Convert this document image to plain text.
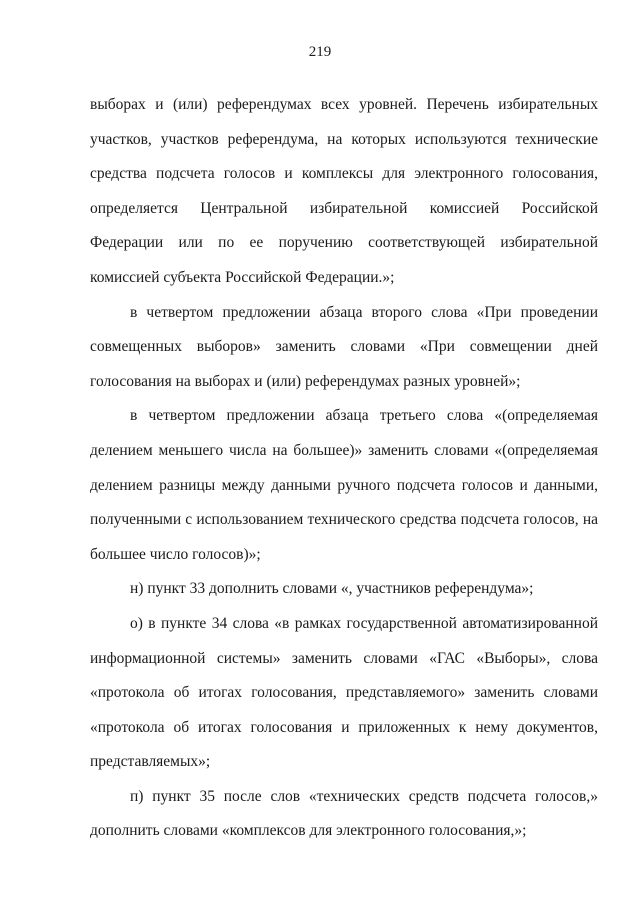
219

выборах и (или) референдумах всех уровней. Перечень избирательных участков, участков референдума, на которых используются технические средства подсчета голосов и комплексы для электронного голосования, определяется Центральной избирательной комиссией Российской Федерации или по ее поручению соответствующей избирательной комиссией субъекта Российской Федерации.»;

в четвертом предложении абзаца второго слова «При проведении совмещенных выборов» заменить словами «При совмещении дней голосования на выборах и (или) референдумах разных уровней»;

в четвертом предложении абзаца третьего слова «(определяемая делением меньшего числа на большее)» заменить словами «(определяемая делением разницы между данными ручного подсчета голосов и данными, полученными с использованием технического средства подсчета голосов, на большее число голосов)»;

н) пункт 33 дополнить словами «, участников референдума»;

о) в пункте 34 слова «в рамках государственной автоматизированной информационной системы» заменить словами «ГАС «Выборы», слова «протокола об итогах голосования, представляемого» заменить словами «протокола об итогах голосования и приложенных к нему документов, представляемых»;

п) пункт 35 после слов «технических средств подсчета голосов,» дополнить словами «комплексов для электронного голосования,»;
